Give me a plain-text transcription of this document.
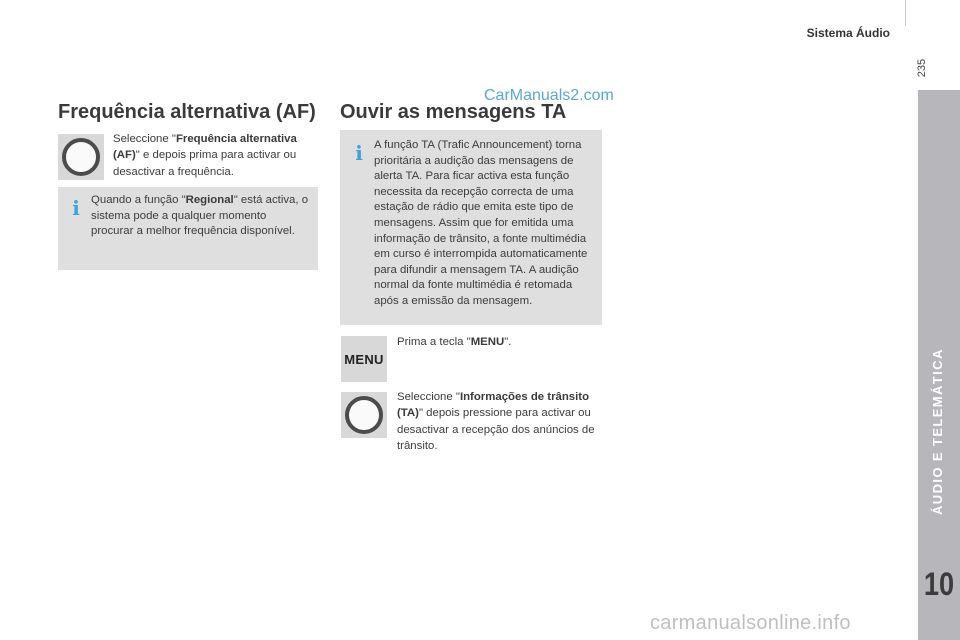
Sistema Áudio
235
ÁUDIO E TELEMÁTICA
10
CarManuals2.com
carmanualsonline.info
Frequência alternativa (AF)
Seleccione "Frequência alternativa (AF)" e depois prima para activar ou desactivar a frequência.
i Quando a função "Regional" está activa, o sistema pode a qualquer momento procurar a melhor frequência disponível.
Ouvir as mensagens TA
i A função TA (Trafic Announcement) torna prioritária a audição das mensagens de alerta TA. Para ficar activa esta função necessita da recepção correcta de uma estação de rádio que emita este tipo de mensagens. Assim que for emitida uma informação de trânsito, a fonte multimédia em curso é interrompida automaticamente para difundir a mensagem TA. A audição normal da fonte multimédia é retomada após a emissão da mensagem.
MENU
Prima a tecla "MENU".
Seleccione "Informações de trânsito (TA)" depois pressione para activar ou desactivar a recepção dos anúncios de trânsito.
